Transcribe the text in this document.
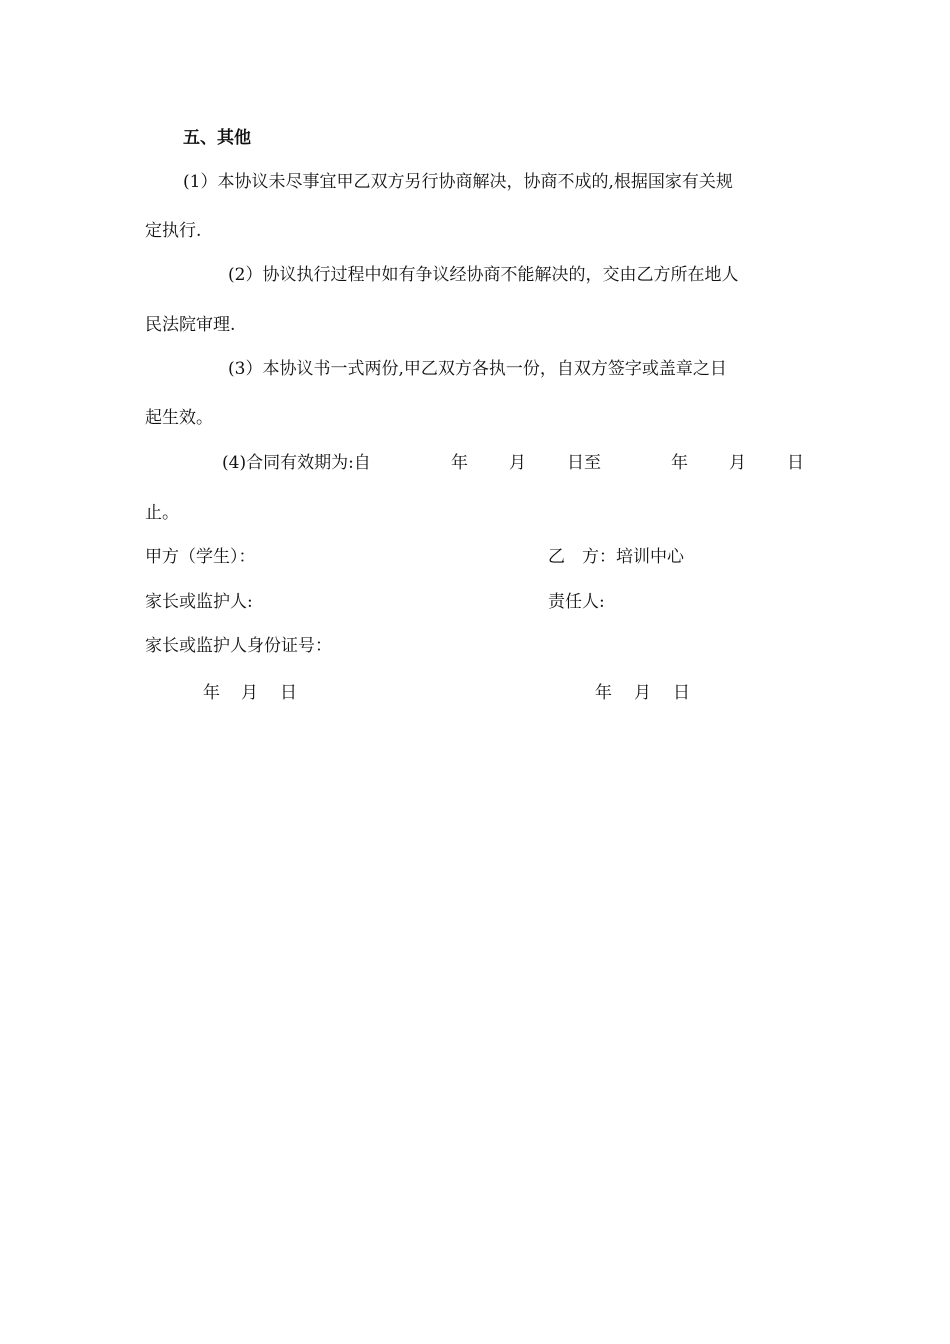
五、其他
(1）本协议未尽事宜甲乙双方另行协商解决，协商不成的,根据国家有关规
定执行.
(2）协议执行过程中如有争议经协商不能解决的，交由乙方所在地人
民法院审理.
(3）本协议书一式两份,甲乙双方各执一份，自双方签字或盖章之日
起生效。
(4)合同有效期为:自	年 月 日至	年 月 日
止。
甲方（学生）：	乙　方：培训中心
家长或监护人:	责任人:
家长或监护人身份证号：
年 月 日	年 月 日
